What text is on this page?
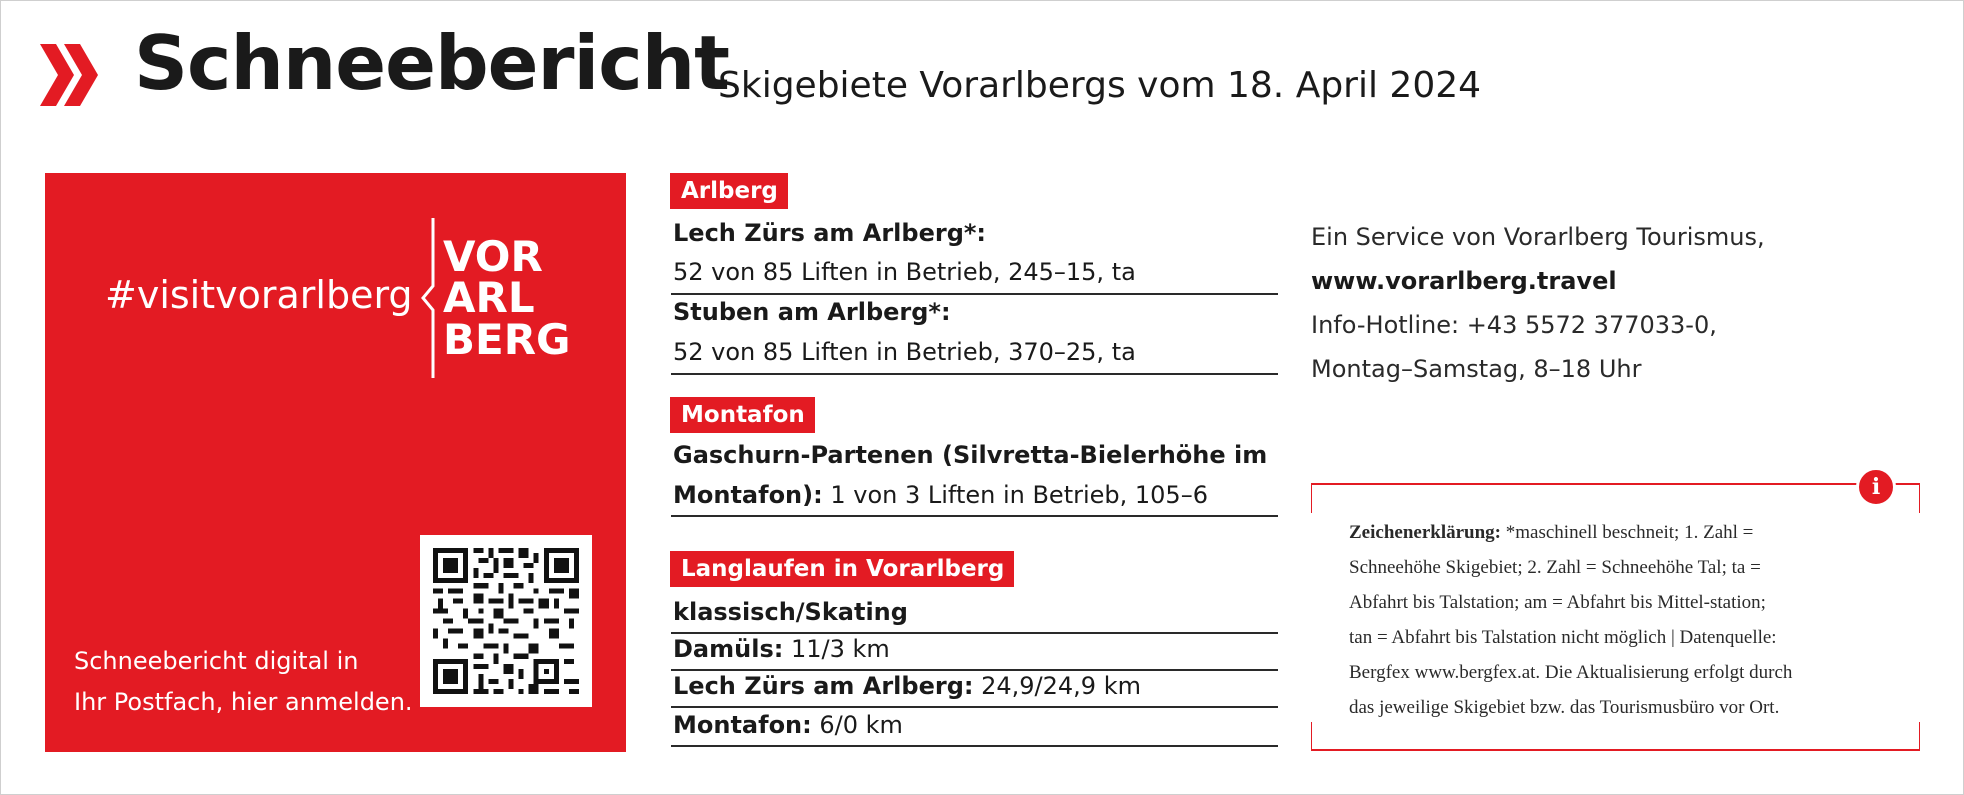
Schneebericht
Skigebiete Vorarlbergs vom 18. April 2024
#visitvorarlberg
VOR
ARL
BERG
Schneebericht digital in
Ihr Postfach, hier anmelden.
Arlberg
Lech Zürs am Arlberg*:
52 von 85 Liften in Betrieb, 245–15, ta
Stuben am Arlberg*:
52 von 85 Liften in Betrieb, 370–25, ta
Montafon
Gaschurn-Partenen (Silvretta-Bielerhöhe im
Montafon): 1 von 3 Liften in Betrieb, 105–6
Langlaufen in Vorarlberg
klassisch/Skating
Damüls: 11/3 km
Lech Zürs am Arlberg: 24,9/24,9 km
Montafon: 6/0 km
Ein Service von Vorarlberg Tourismus,
www.vorarlberg.travel
Info-Hotline: +43 5572 377033-0,
Montag–Samstag, 8–18 Uhr
i
Zeichenerklärung: *maschinell beschneit; 1. Zahl =
Schneehöhe Skigebiet; 2. Zahl = Schneehöhe Tal; ta =
Abfahrt bis Talstation; am = Abfahrt bis Mittel-station;
tan = Abfahrt bis Talstation nicht möglich | Datenquelle:
Bergfex www.bergfex.at. Die Aktualisierung erfolgt durch
das jeweilige Skigebiet bzw. das Tourismusbüro vor Ort.
